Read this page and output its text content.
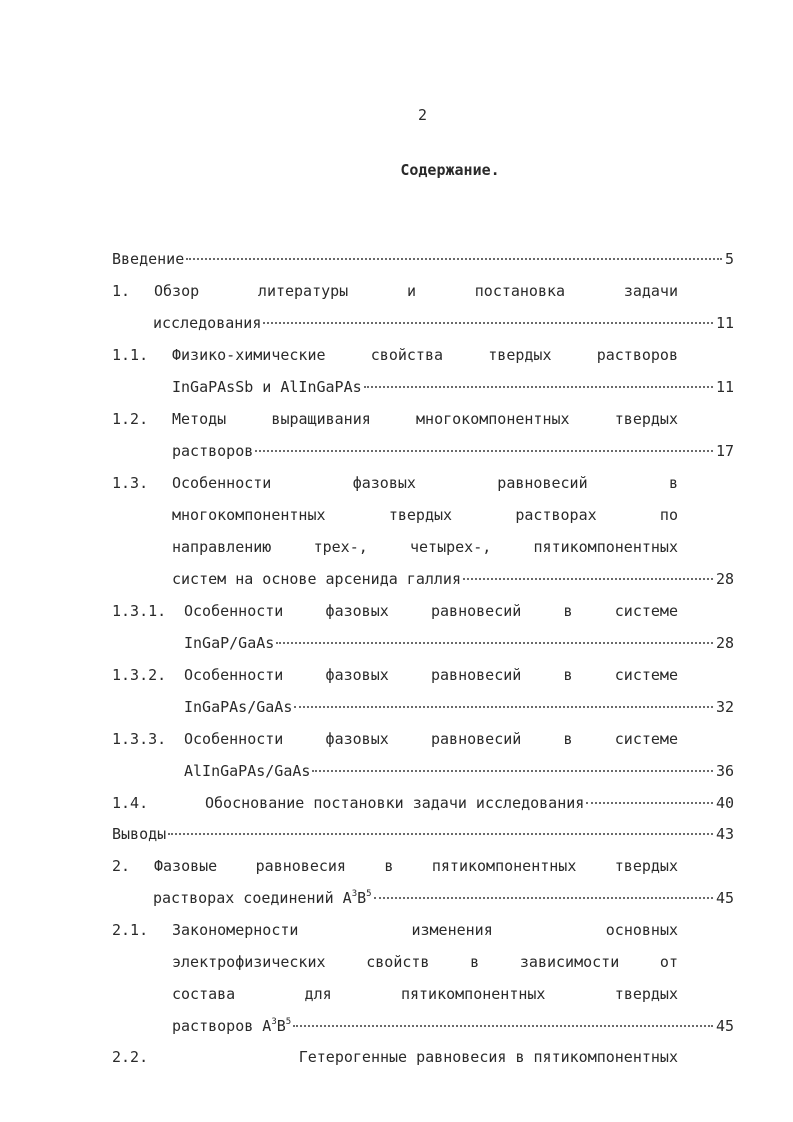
2
Содержание.
Введение	5
1. Обзор литературы и постановка задачи
исследования	11
1.1. Физико-химические свойства твердых растворов
InGaPAsSb и AlInGaPAs	11
1.2. Методы выращивания многокомпонентных твердых
растворов	17
1.3. Особенности фазовых равновесий в
многокомпонентных твердых растворах по
направлению трех-, четырех-, пятикомпонентных
систем на основе арсенида галлия	28
1.3.1. Особенности фазовых равновесий в системе
InGaP/GaAs	28
1.3.2. Особенности фазовых равновесий в системе
InGaPAs/GaAs	32
1.3.3. Особенности фазовых равновесий в системе
AlInGaPAs/GaAs	36
1.4.	Обоснование постановки задачи исследования	40
Выводы	43
2. Фазовые равновесия в пятикомпонентных твердых
растворах соединений $A^3B^5$	45
2.1. Закономерности изменения основных
электрофизических свойств в зависимости от
состава для пятикомпонентных твердых
растворов $A^3B^5$	45
2.2.	Гетерогенные равновесия в пятикомпонентных
